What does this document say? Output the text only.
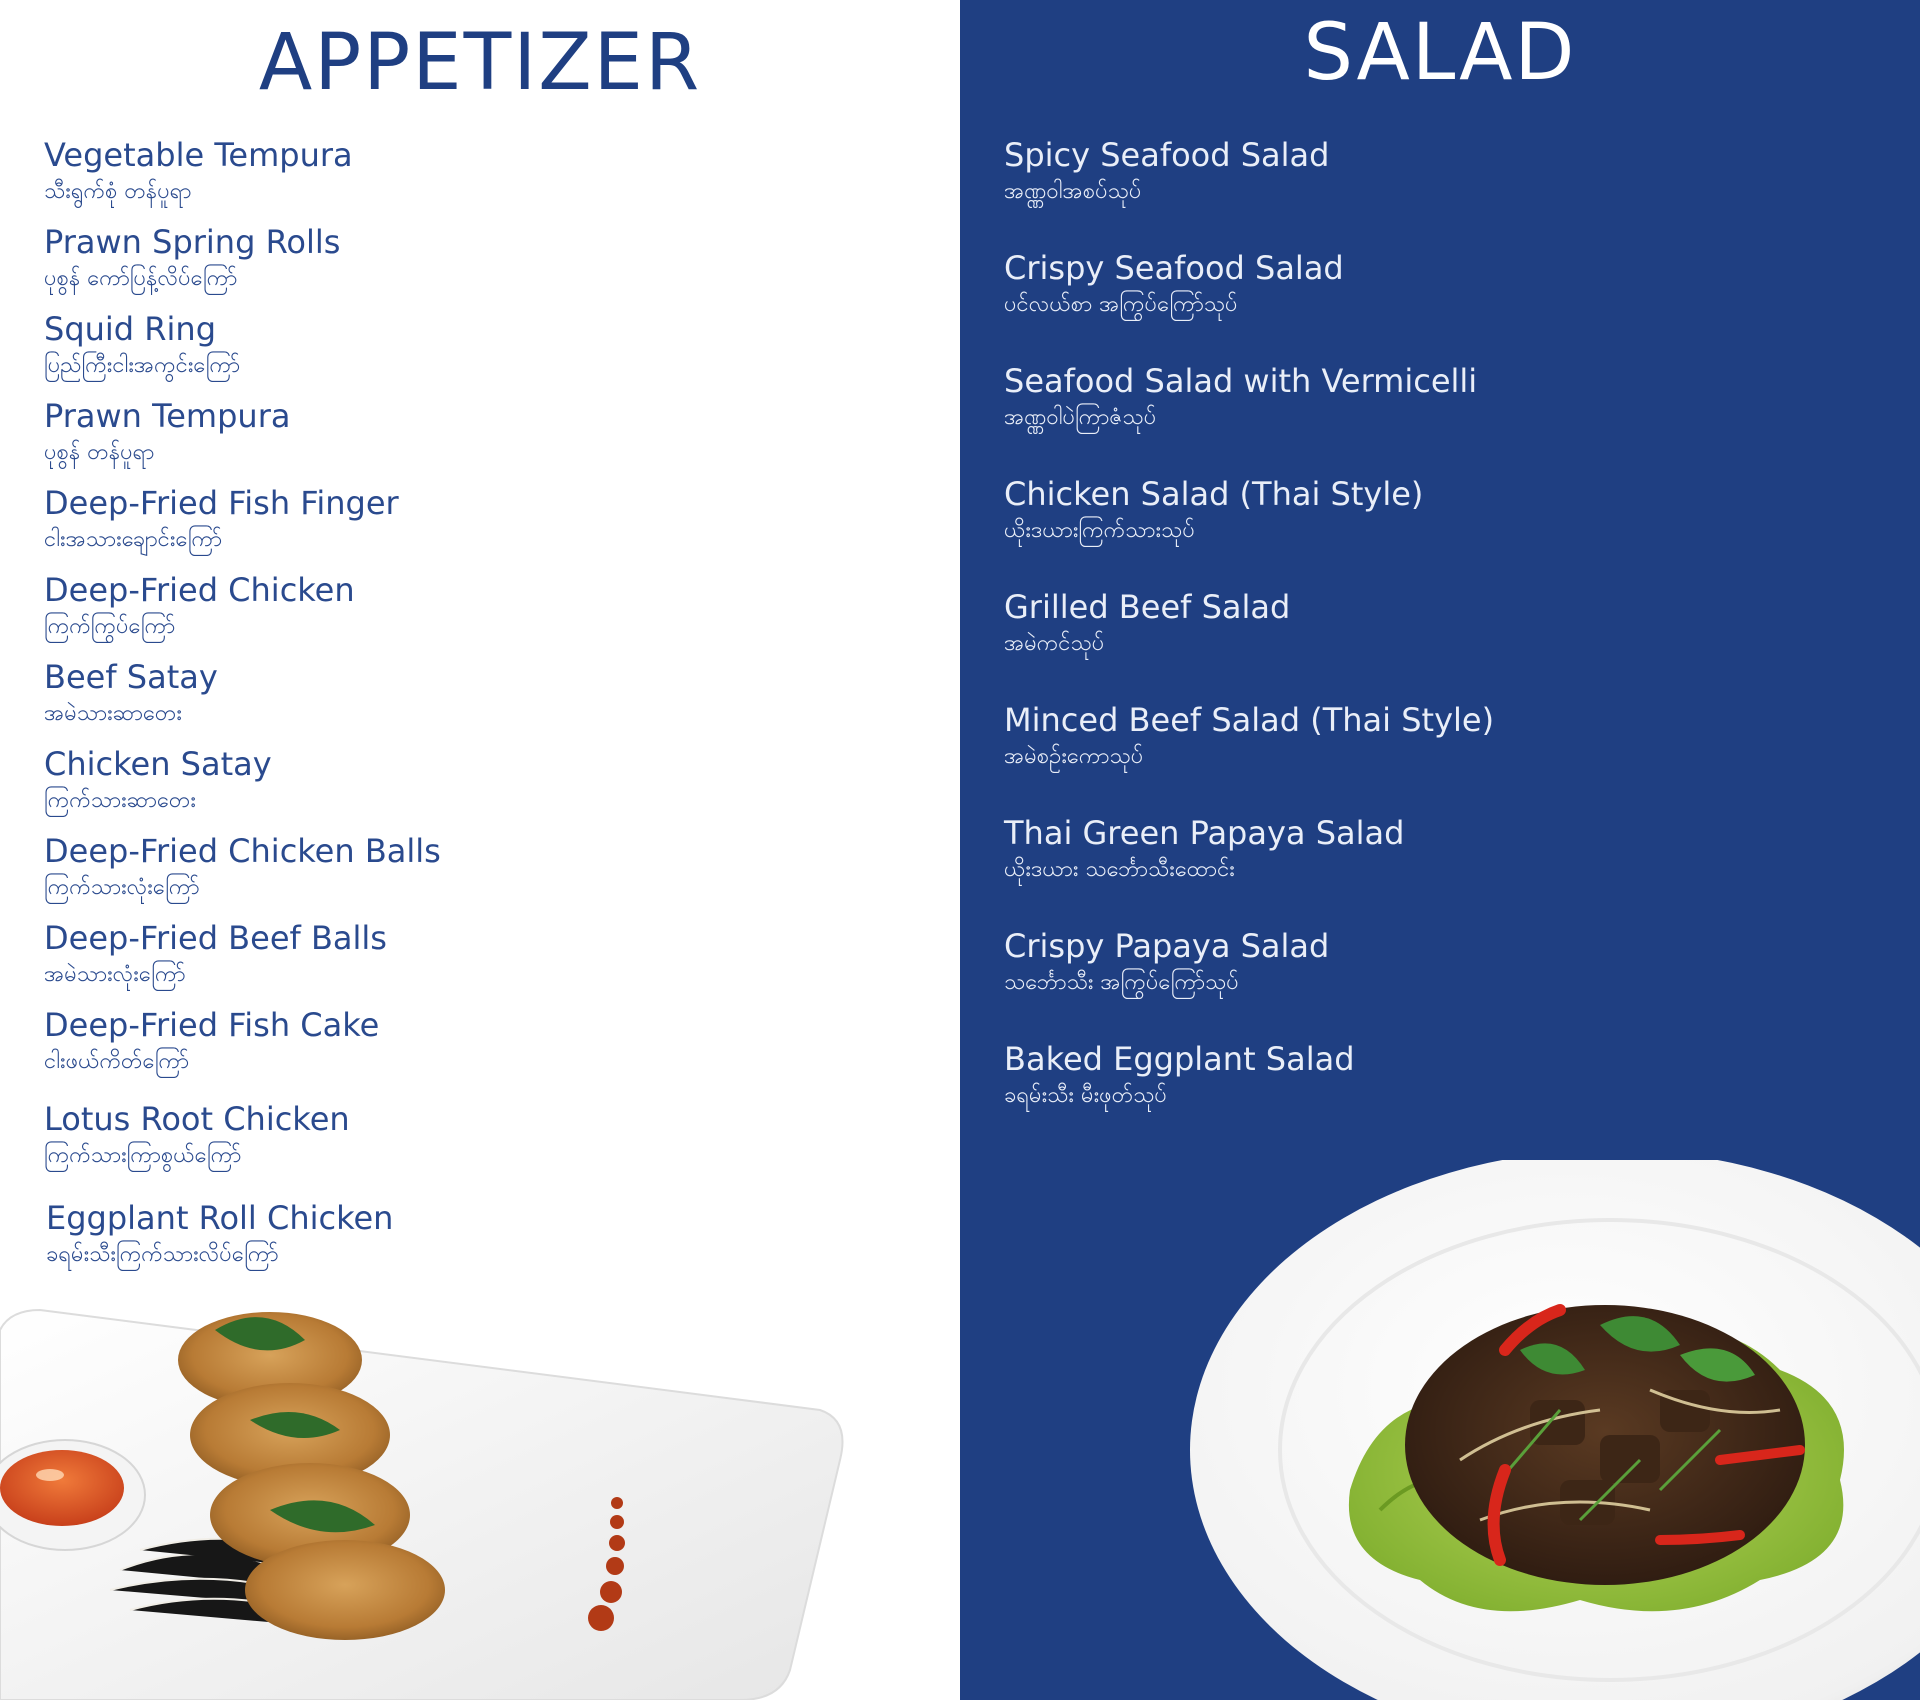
APPETIZER
Vegetable Tempura
သီးရွက်စုံ တန်ပူရာ
Prawn Spring Rolls
ပုစွန် ကော်ပြန့်လိပ်ကြော်
Squid Ring
ပြည်ကြီးငါးအကွင်းကြော်
Prawn Tempura
ပုစွန် တန်ပူရာ
Deep-Fried Fish Finger
ငါးအသားချောင်းကြော်
Deep-Fried Chicken
ကြက်ကြွပ်ကြော်
Beef Satay
အမဲသားဆာတေး
Chicken Satay
ကြက်သားဆာတေး
Deep-Fried Chicken Balls
ကြက်သားလုံးကြော်
Deep-Fried Beef Balls
အမဲသားလုံးကြော်
Deep-Fried Fish Cake
ငါးဖယ်ကိတ်ကြော်
Lotus Root Chicken
ကြက်သားကြာစွယ်ကြော်
Eggplant Roll Chicken
ခရမ်းသီးကြက်သားလိပ်ကြော်
SALAD
Spicy Seafood Salad
အဏ္ဏဝါအစပ်သုပ်
Crispy Seafood Salad
ပင်လယ်စာ အကြွပ်ကြော်သုပ်
Seafood Salad with Vermicelli
အဏ္ဏဝါပဲကြာဇံသုပ်
Chicken Salad (Thai Style)
ယိုးဒယားကြက်သားသုပ်
Grilled Beef Salad
အမဲကင်သုပ်
Minced Beef Salad (Thai Style)
အမဲစဉ်းကောသုပ်
Thai Green Papaya Salad
ယိုးဒယား သင်္ဘောသီးထောင်း
Crispy Papaya Salad
သင်္ဘောသီး အကြွပ်ကြော်သုပ်
Baked Eggplant Salad
ခရမ်းသီး မီးဖုတ်သုပ်
